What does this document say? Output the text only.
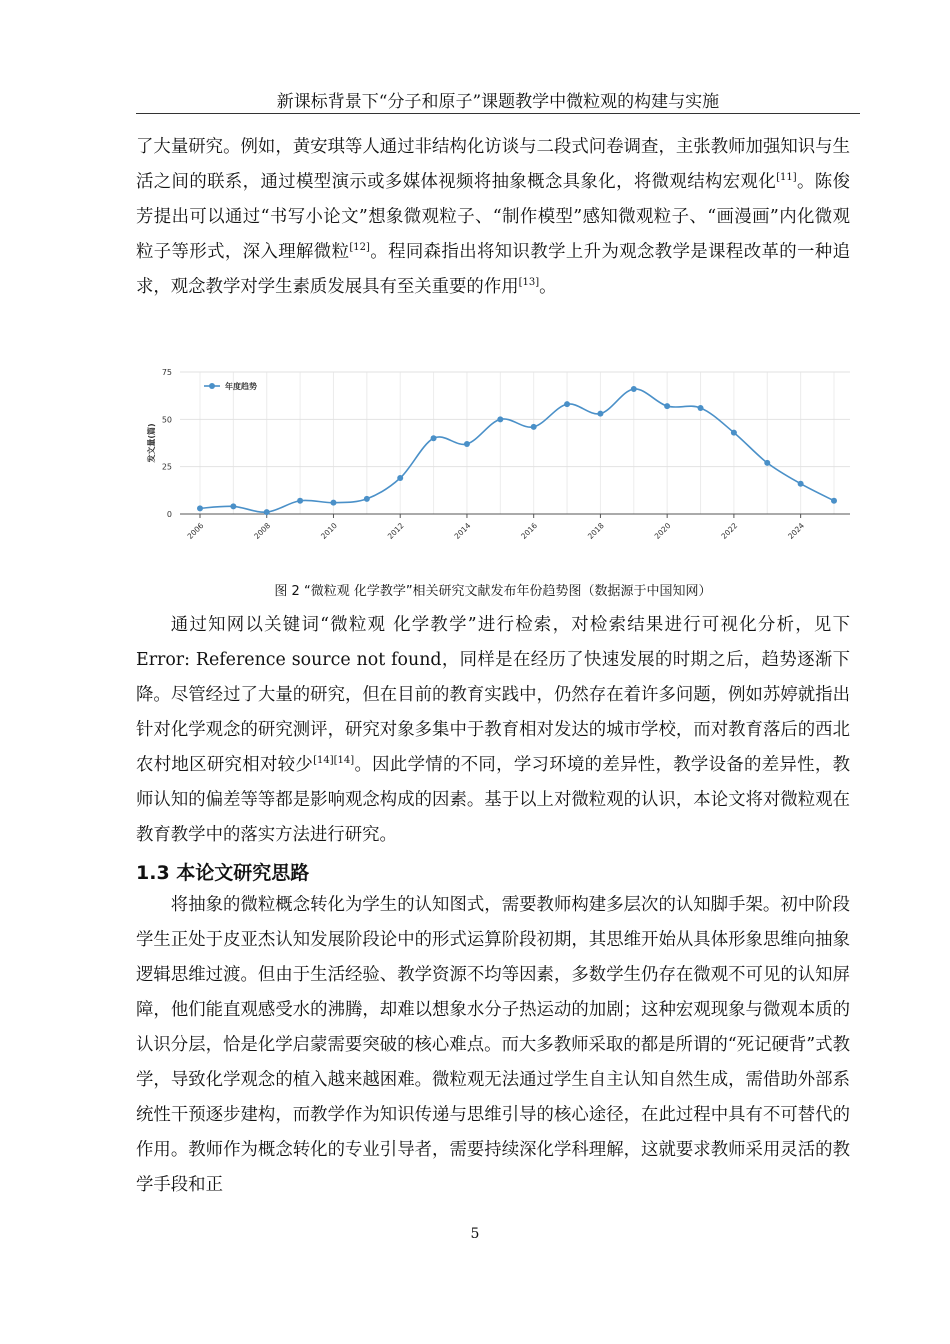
新课标背景下“分子和原子”课题教学中微粒观的构建与实施

了大量研究。例如，黄安琪等人通过非结构化访谈与二段式问卷调查，主张教师加强知识与生活之间的联系，通过模型演示或多媒体视频将抽象概念具象化，将微观结构宏观化[11]。陈俊芳提出可以通过“书写小论文”想象微观粒子、“制作模型”感知微观粒子、“画漫画”内化微观粒子等形式，深入理解微粒[12]。程同森指出将知识教学上升为观念教学是课程改革的一种追求，观念教学对学生素质发展具有至关重要的作用[13]。

0
25
50
75
发文量(篇)
2006	2008	2010	2012	2014	2016	2018	2020	2022	2024
年度趋势
图 2 “微粒观 化学教学”相关研究文献发布年份趋势图（数据源于中国知网）

通过知网以关键词“微粒观 化学教学”进行检索，对检索结果进行可视化分析，见下Error: Reference source not found，同样是在经历了快速发展的时期之后，趋势逐渐下降。尽管经过了大量的研究，但在目前的教育实践中，仍然存在着许多问题，例如苏婷就指出针对化学观念的研究测评，研究对象多集中于教育相对发达的城市学校，而对教育落后的西北农村地区研究相对较少[14][14]。因此学情的不同，学习环境的差异性，教学设备的差异性，教师认知的偏差等等都是影响观念构成的因素。基于以上对微粒观的认识，本论文将对微粒观在教育教学中的落实方法进行研究。

1.3 本论文研究思路

将抽象的微粒概念转化为学生的认知图式，需要教师构建多层次的认知脚手架。初中阶段学生正处于皮亚杰认知发展阶段论中的形式运算阶段初期，其思维开始从具体形象思维向抽象逻辑思维过渡。但由于生活经验、教学资源不均等因素，多数学生仍存在微观不可见的认知屏障，他们能直观感受水的沸腾，却难以想象水分子热运动的加剧；这种宏观现象与微观本质的认识分层，恰是化学启蒙需要突破的核心难点。而大多教师采取的都是所谓的“死记硬背”式教学，导致化学观念的植入越来越困难。微粒观无法通过学生自主认知自然生成，需借助外部系统性干预逐步建构，而教学作为知识传递与思维引导的核心途径，在此过程中具有不可替代的作用。教师作为概念转化的专业引导者，需要持续深化学科理解，这就要求教师采用灵活的教学手段和正

5
